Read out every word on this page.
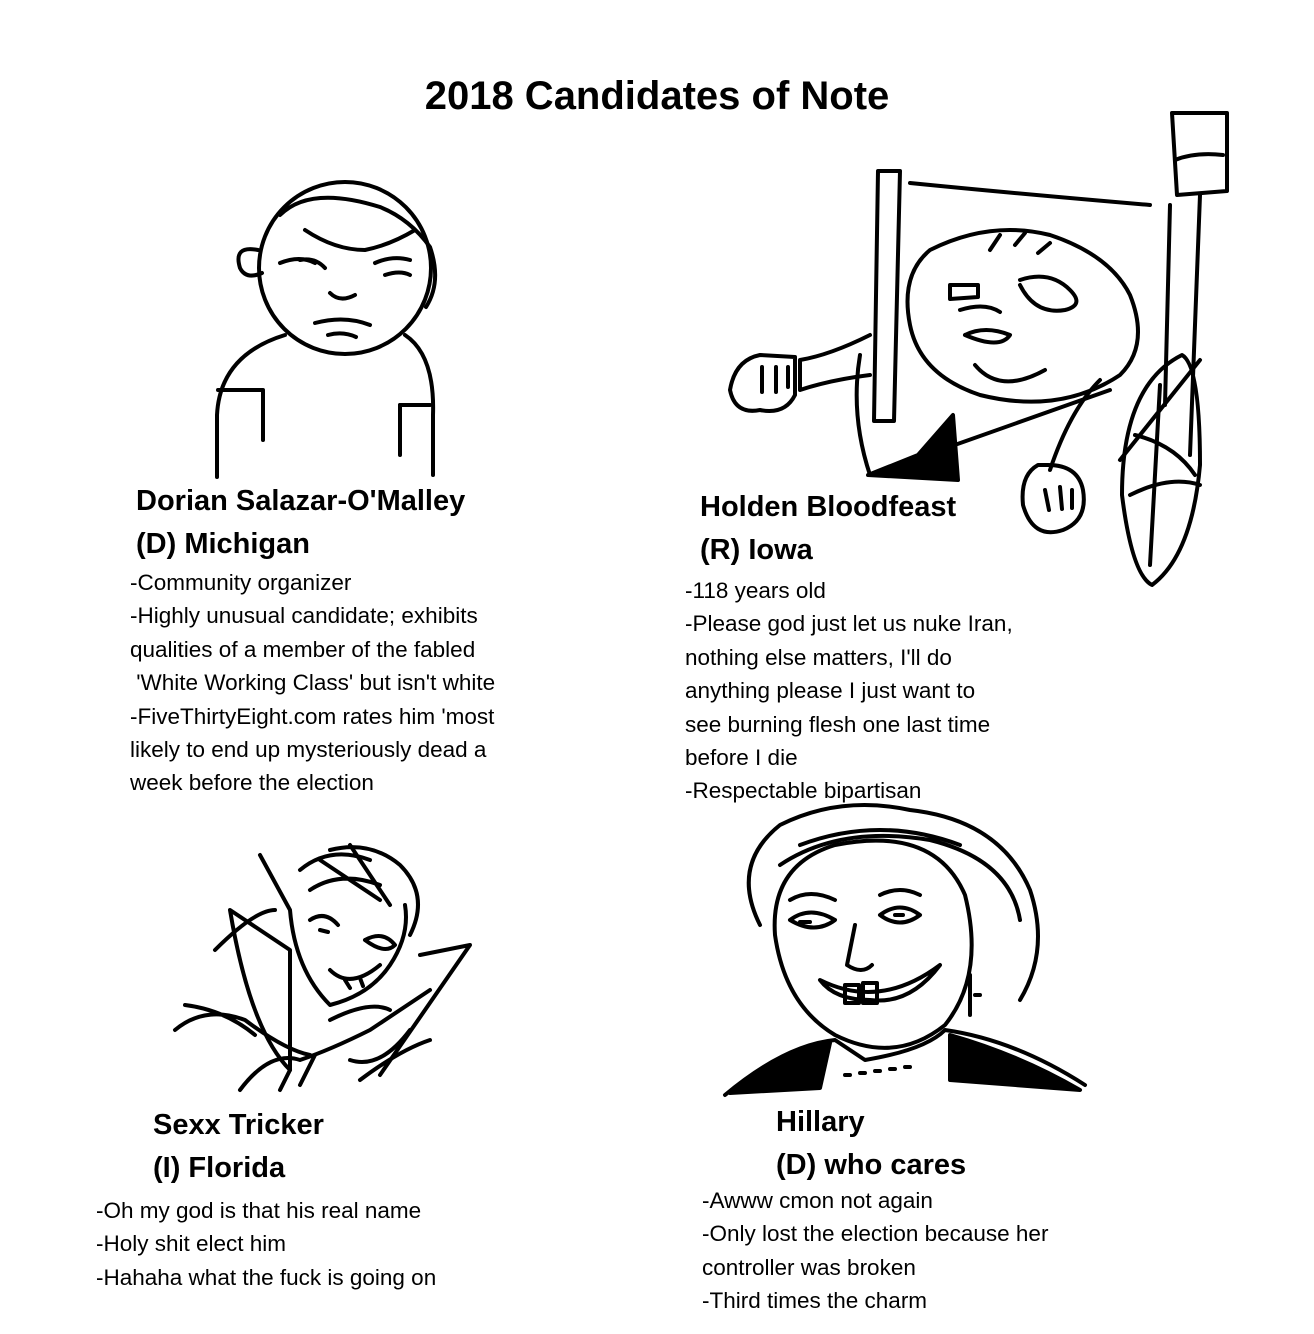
2018 Candidates of Note
Dorian Salazar-O'Malley
(D) Michigan
-Community organizer
-Highly unusual candidate; exhibits
qualities of a member of the fabled
'White Working Class' but isn't white
-FiveThirtyEight.com rates him 'most
likely to end up mysteriously dead a
week before the election
Holden Bloodfeast
(R) Iowa
-118 years old
-Please god just let us nuke Iran,
nothing else matters, I'll do
anything please I just want to
see burning flesh one last time
before I die
-Respectable bipartisan
Sexx Tricker
(I) Florida
-Oh my god is that his real name
-Holy shit elect him
-Hahaha what the fuck is going on
Hillary
(D) who cares
-Awww cmon not again
-Only lost the election because her
controller was broken
-Third times the charm
